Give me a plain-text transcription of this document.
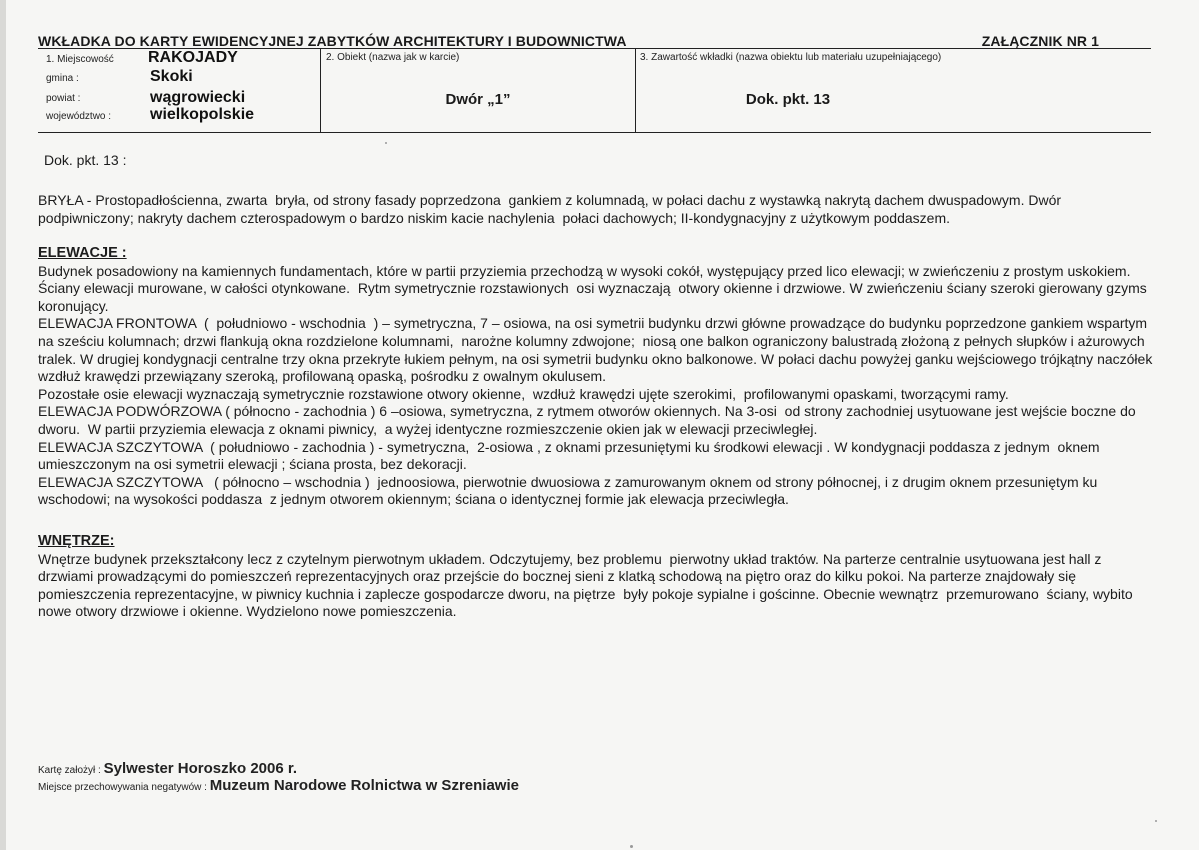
WKŁADKA DO KARTY EWIDENCYJNEJ ZABYTKÓW ARCHITEKTURY I BUDOWNICTWA	ZAŁĄCZNIK NR 1
1. Miejscowość RAKOJADY
gmina :	Skoki
powiat :	wągrowiecki
województwo : wielkopolskie
2. Obiekt (nazwa jak w karcie)
Dwór „1”
3. Zawartość wkładki (nazwa obiektu lub materiału uzupełniającego)
Dok. pkt. 13
Dok. pkt. 13 :

BRYŁA - Prostopadłościenna, zwarta  bryła, od strony fasady poprzedzona  gankiem z kolumnadą, w połaci dachu z wystawką nakrytą dachem dwuspadowym. Dwór podpiwniczony; nakryty dachem czterospadowym o bardzo niskim kacie nachylenia  połaci dachowych; II-kondygnacyjny z użytkowym poddaszem.

ELEWACJE :

Budynek posadowiony na kamiennych fundamentach, które w partii przyziemia przechodzą w wysoki cokół, występujący przed lico elewacji; w zwieńczeniu z prostym uskokiem. Ściany elewacji murowane, w całości otynkowane.  Rytm symetrycznie rozstawionych  osi wyznaczają  otwory okienne i drzwiowe. W zwieńczeniu ściany szeroki gierowany gzyms koronujący.
ELEWACJA FRONTOWA  (  południowo - wschodnia  ) – symetryczna, 7 – osiowa, na osi symetrii budynku drzwi główne prowadzące do budynku poprzedzone gankiem wspartym na sześciu kolumnach; drzwi flankują okna rozdzielone kolumnami,  narożne kolumny zdwojone;  niosą one balkon ograniczony balustradą złożoną z pełnych słupków i ażurowych tralek. W drugiej kondygnacji centralne trzy okna przekryte łukiem pełnym, na osi symetrii budynku okno balkonowe. W połaci dachu powyżej ganku wejściowego trójkątny naczółek wzdłuż krawędzi przewiązany szeroką, profilowaną opaską, pośrodku z owalnym okulusem.
Pozostałe osie elewacji wyznaczają symetrycznie rozstawione otwory okienne,  wzdłuż krawędzi ujęte szerokimi,  profilowanymi opaskami, tworzącymi ramy.
ELEWACJA PODWÓRZOWA ( północno - zachodnia ) 6 –osiowa, symetryczna, z rytmem otworów okiennych. Na 3-osi  od strony zachodniej usytuowane jest wejście boczne do dworu.  W partii przyziemia elewacja z oknami piwnicy,  a wyżej identyczne rozmieszczenie okien jak w elewacji przeciwległej.
ELEWACJA SZCZYTOWA  ( południowo - zachodnia ) - symetryczna,  2-osiowa , z oknami przesuniętymi ku środkowi elewacji . W kondygnacji poddasza z jednym  oknem umieszczonym na osi symetrii elewacji ; ściana prosta, bez dekoracji.
ELEWACJA SZCZYTOWA   ( północno – wschodnia )  jednoosiowa, pierwotnie dwuosiowa z zamurowanym oknem od strony północnej, i z drugim oknem przesuniętym ku wschodowi; na wysokości poddasza  z jednym otworem okiennym; ściana o identycznej formie jak elewacja przeciwległa.

WNĘTRZE:

Wnętrze budynek przekształcony lecz z czytelnym pierwotnym układem. Odczytujemy, bez problemu  pierwotny układ traktów. Na parterze centralnie usytuowana jest hall z drzwiami prowadzącymi do pomieszczeń reprezentacyjnych oraz przejście do bocznej sieni z klatką schodową na piętro oraz do kilku pokoi. Na parterze znajdowały się pomieszczenia reprezentacyjne, w piwnicy kuchnia i zaplecze gospodarcze dworu, na piętrze  były pokoje sypialne i gościnne. Obecnie wewnątrz  przemurowano  ściany, wybito nowe otwory drzwiowe i okienne. Wydzielono nowe pomieszczenia.

Kartę założył : Sylwester Horoszko 2006 r.
Miejsce przechowywania negatywów : Muzeum Narodowe Rolnictwa w Szreniawie
